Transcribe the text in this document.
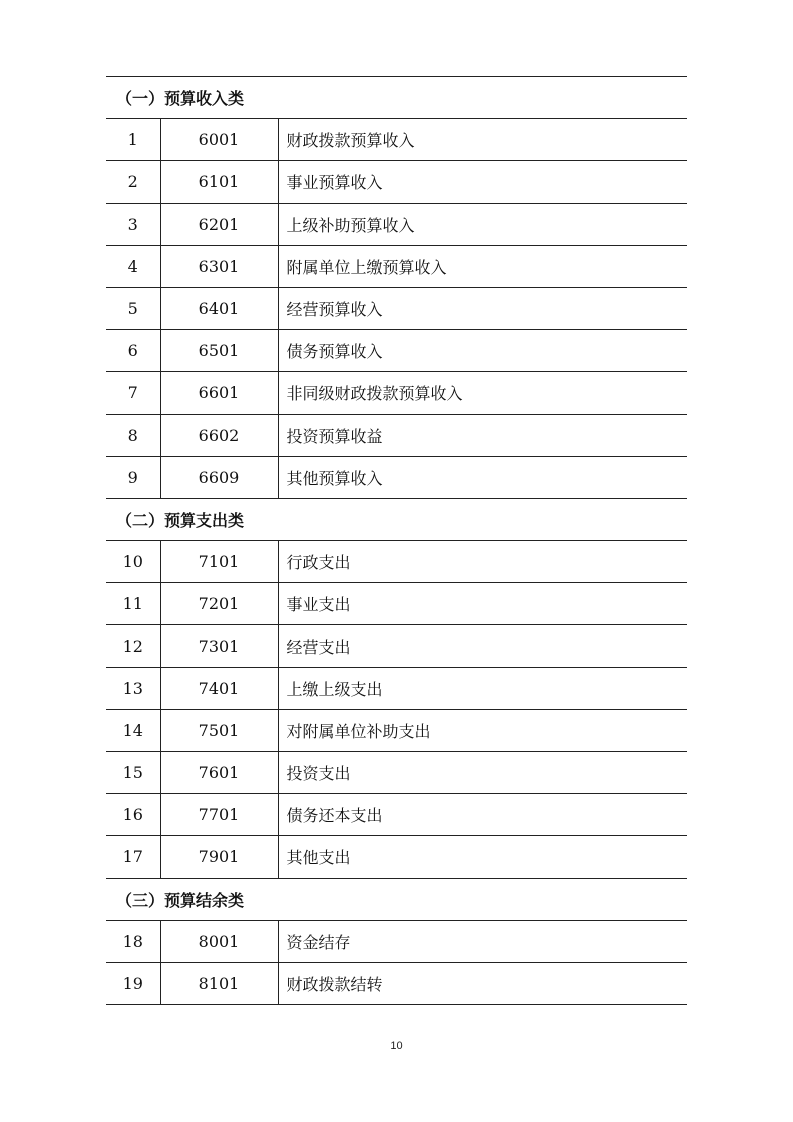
（一）预算收入类		
1	6001	财政拨款预算收入
2	6101	事业预算收入
3	6201	上级补助预算收入
4	6301	附属单位上缴预算收入
5	6401	经营预算收入
6	6501	债务预算收入
7	6601	非同级财政拨款预算收入
8	6602	投资预算收益
9	6609	其他预算收入
（二）预算支出类		
10	7101	行政支出
11	7201	事业支出
12	7301	经营支出
13	7401	上缴上级支出
14	7501	对附属单位补助支出
15	7601	投资支出
16	7701	债务还本支出
17	7901	其他支出
（三）预算结余类		
18	8001	资金结存
19	8101	财政拨款结转
10
